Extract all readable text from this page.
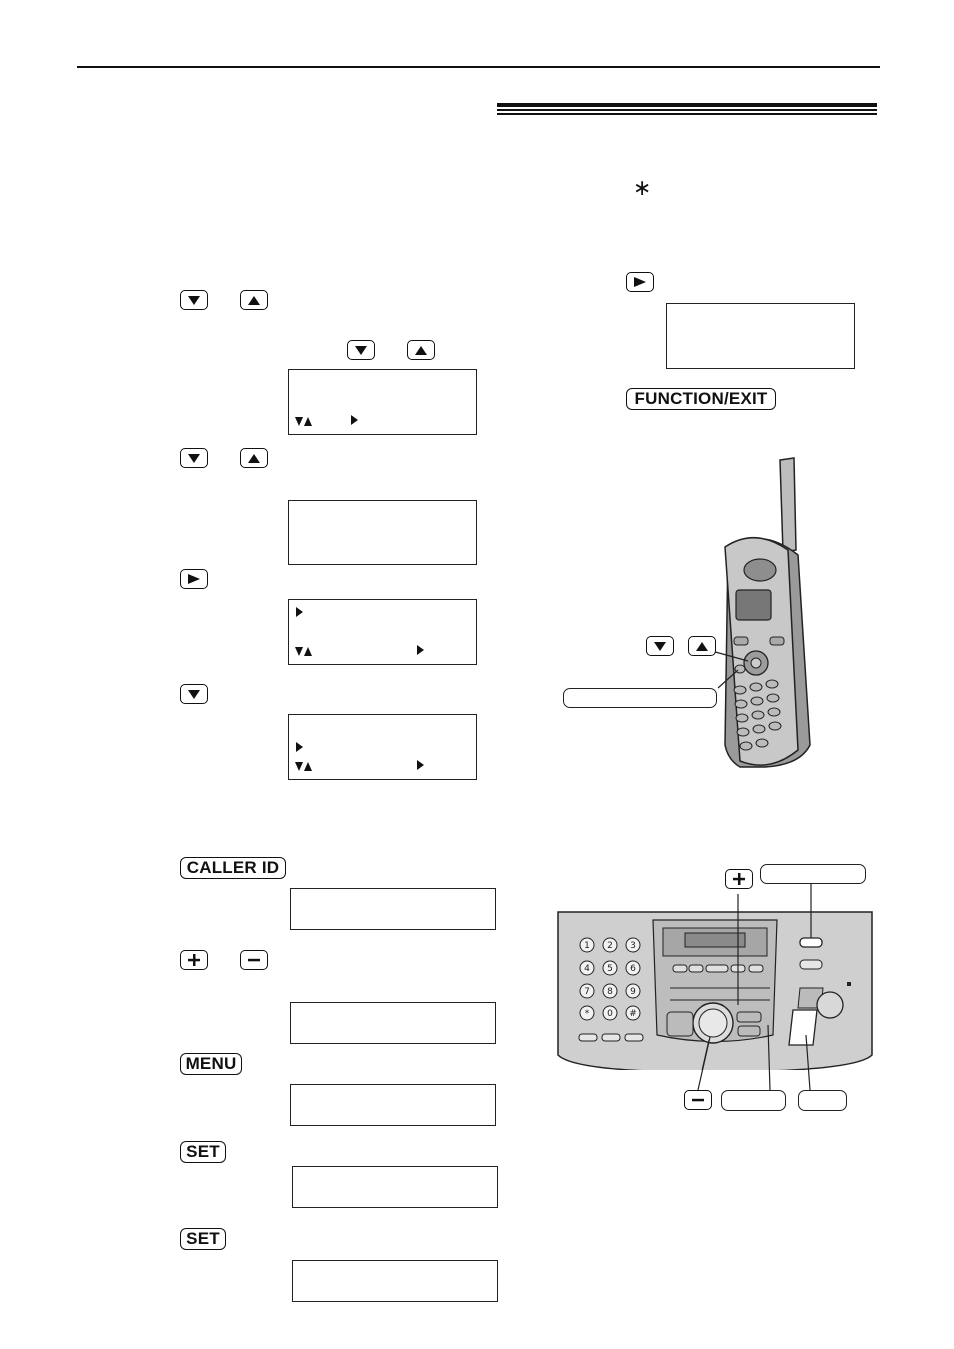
CALLER ID
MENU
SET
SET
∗
FUNCTION/EXIT
1 2 3
4 5 6
7 8 9
* 0 #
